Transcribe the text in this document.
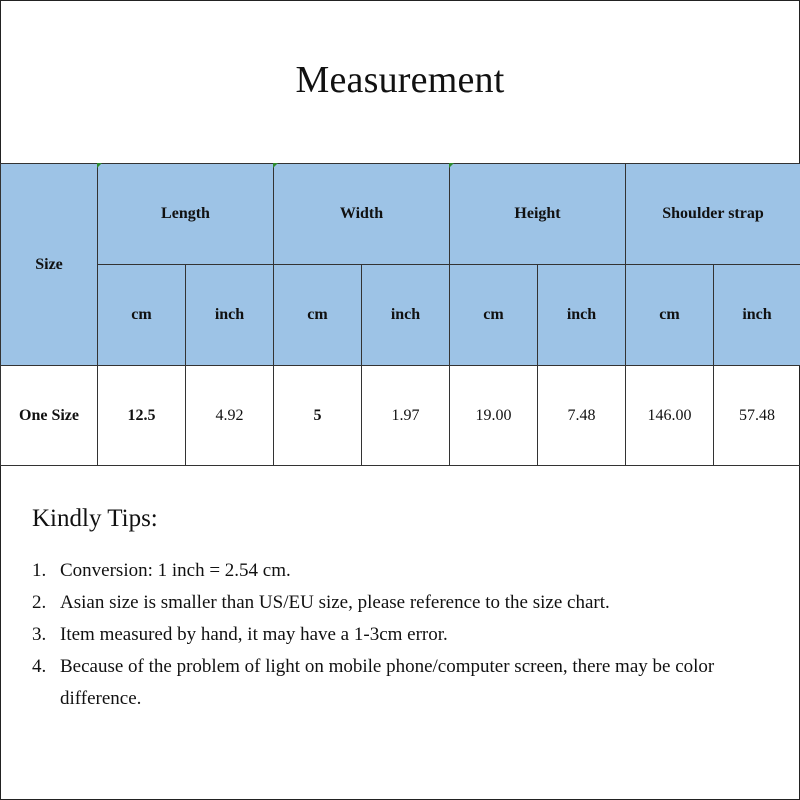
Measurement
Size	Length		Width		Height		Shoulder strap	
	cm	inch	cm	inch	cm	inch	cm	inch
One Size	12.5	4.92	5	1.97	19.00	7.48	146.00	57.48
Kindly Tips:
1. Conversion: 1 inch = 2.54 cm.
2. Asian size is smaller than US/EU size, please reference to the size chart.
3. Item measured by hand, it may have a 1-3cm error.
4. Because of the problem of light on mobile phone/computer screen, there may be color difference.
